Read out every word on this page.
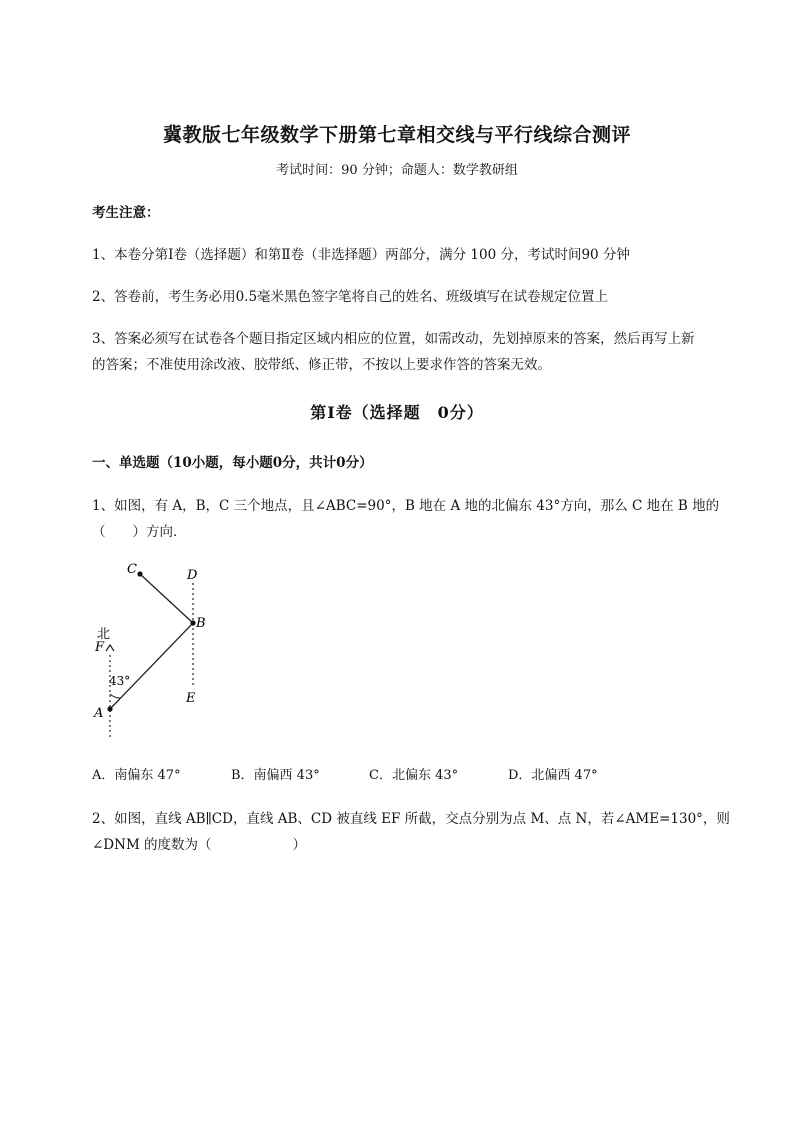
冀教版七年级数学下册第七章相交线与平行线综合测评
考试时间：90 分钟；命题人：数学教研组
考生注意：
1、本卷分第Ⅰ卷（选择题）和第Ⅱ卷（非选择题）两部分，满分 100 分，考试时间90 分钟
2、答卷前，考生务必用0.5毫米黑色签字笔将自己的姓名、班级填写在试卷规定位置上
3、答案必须写在试卷各个题目指定区域内相应的位置，如需改动，先划掉原来的答案，然后再写上新
的答案；不准使用涂改液、胶带纸、修正带，不按以上要求作答的答案无效。
第Ⅰ卷（选择题　0分）
一、单选题（10小题，每小题0分，共计0分）
1、如图，有 A，B，C 三个地点，且∠ABC=90°，B 地在 A 地的北偏东 43°方向，那么 C 地在 B 地的
（　　）方向．
C	D
B
北
F
43°
A
E
A．南偏东 47°	B．南偏西 43°	C．北偏东 43°	D．北偏西 47°
2、如图，直线 AB∥CD，直线 AB、CD 被直线 EF 所截，交点分别为点 M、点 N，若∠AME=130°，则
∠DNM 的度数为（　　　　　　）
